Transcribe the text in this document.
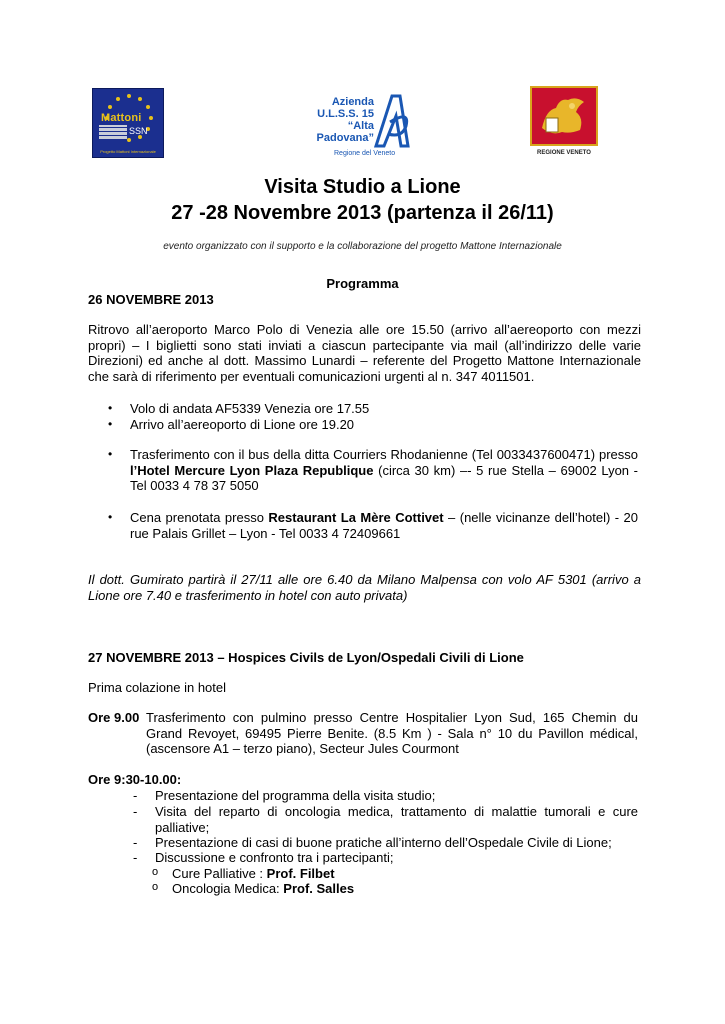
Mattoni
SSN
Progetto Mattoni Internazionale
Azienda
U.L.S.S. 15
“Alta
Padovana”
Regione del Veneto	REGIONE VENETO
Visita Studio a Lione
27 -28 Novembre 2013 (partenza il 26/11)
evento organizzato con il supporto e la collaborazione del progetto Mattone Internazionale
Programma
26 NOVEMBRE 2013
Ritrovo all’aeroporto Marco Polo di Venezia alle ore 15.50 (arrivo all’aereoporto con mezzi propri) – I biglietti sono stati inviati a ciascun partecipante via mail (all’indirizzo delle varie Direzioni) ed anche al dott. Massimo Lunardi – referente del Progetto Mattone Internazionale che sarà di riferimento per eventuali comunicazioni urgenti al n. 347 4011501.
• Volo di andata AF5339 Venezia ore 17.55
• Arrivo all’aereoporto di Lione ore 19.20
• Trasferimento con il bus della ditta Courriers Rhodanienne (Tel 0033437600471) presso l’Hotel Mercure Lyon Plaza Republique (circa 30 km) –- 5 rue Stella – 69002 Lyon - Tel 0033 4 78 37 5050
• Cena prenotata presso Restaurant La Mère Cottivet – (nelle vicinanze dell’hotel) - 20 rue Palais Grillet – Lyon - Tel 0033 4 72409661
Il dott. Gumirato partirà il 27/11 alle ore 6.40 da Milano Malpensa con volo AF 5301 (arrivo a Lione ore 7.40 e trasferimento in hotel con auto privata)
27 NOVEMBRE 2013 – Hospices Civils de Lyon/Ospedali Civili di Lione
Prima colazione in hotel
Ore 9.00 Trasferimento con pulmino presso Centre Hospitalier Lyon Sud, 165 Chemin du Grand Revoyet, 69495 Pierre Benite. (8.5 Km ) - Sala n° 10 du Pavillon médical, (ascensore A1 – terzo piano), Secteur Jules Courmont
Ore 9:30-10.00:
- Presentazione del programma della visita studio;
- Visita del reparto di oncologia medica, trattamento di malattie tumorali e cure palliative;
- Presentazione di casi di buone pratiche all’interno dell’Ospedale Civile di Lione;
- Discussione e confronto tra i partecipanti;
o Cure Palliative : Prof. Filbet
o Oncologia Medica: Prof. Salles
